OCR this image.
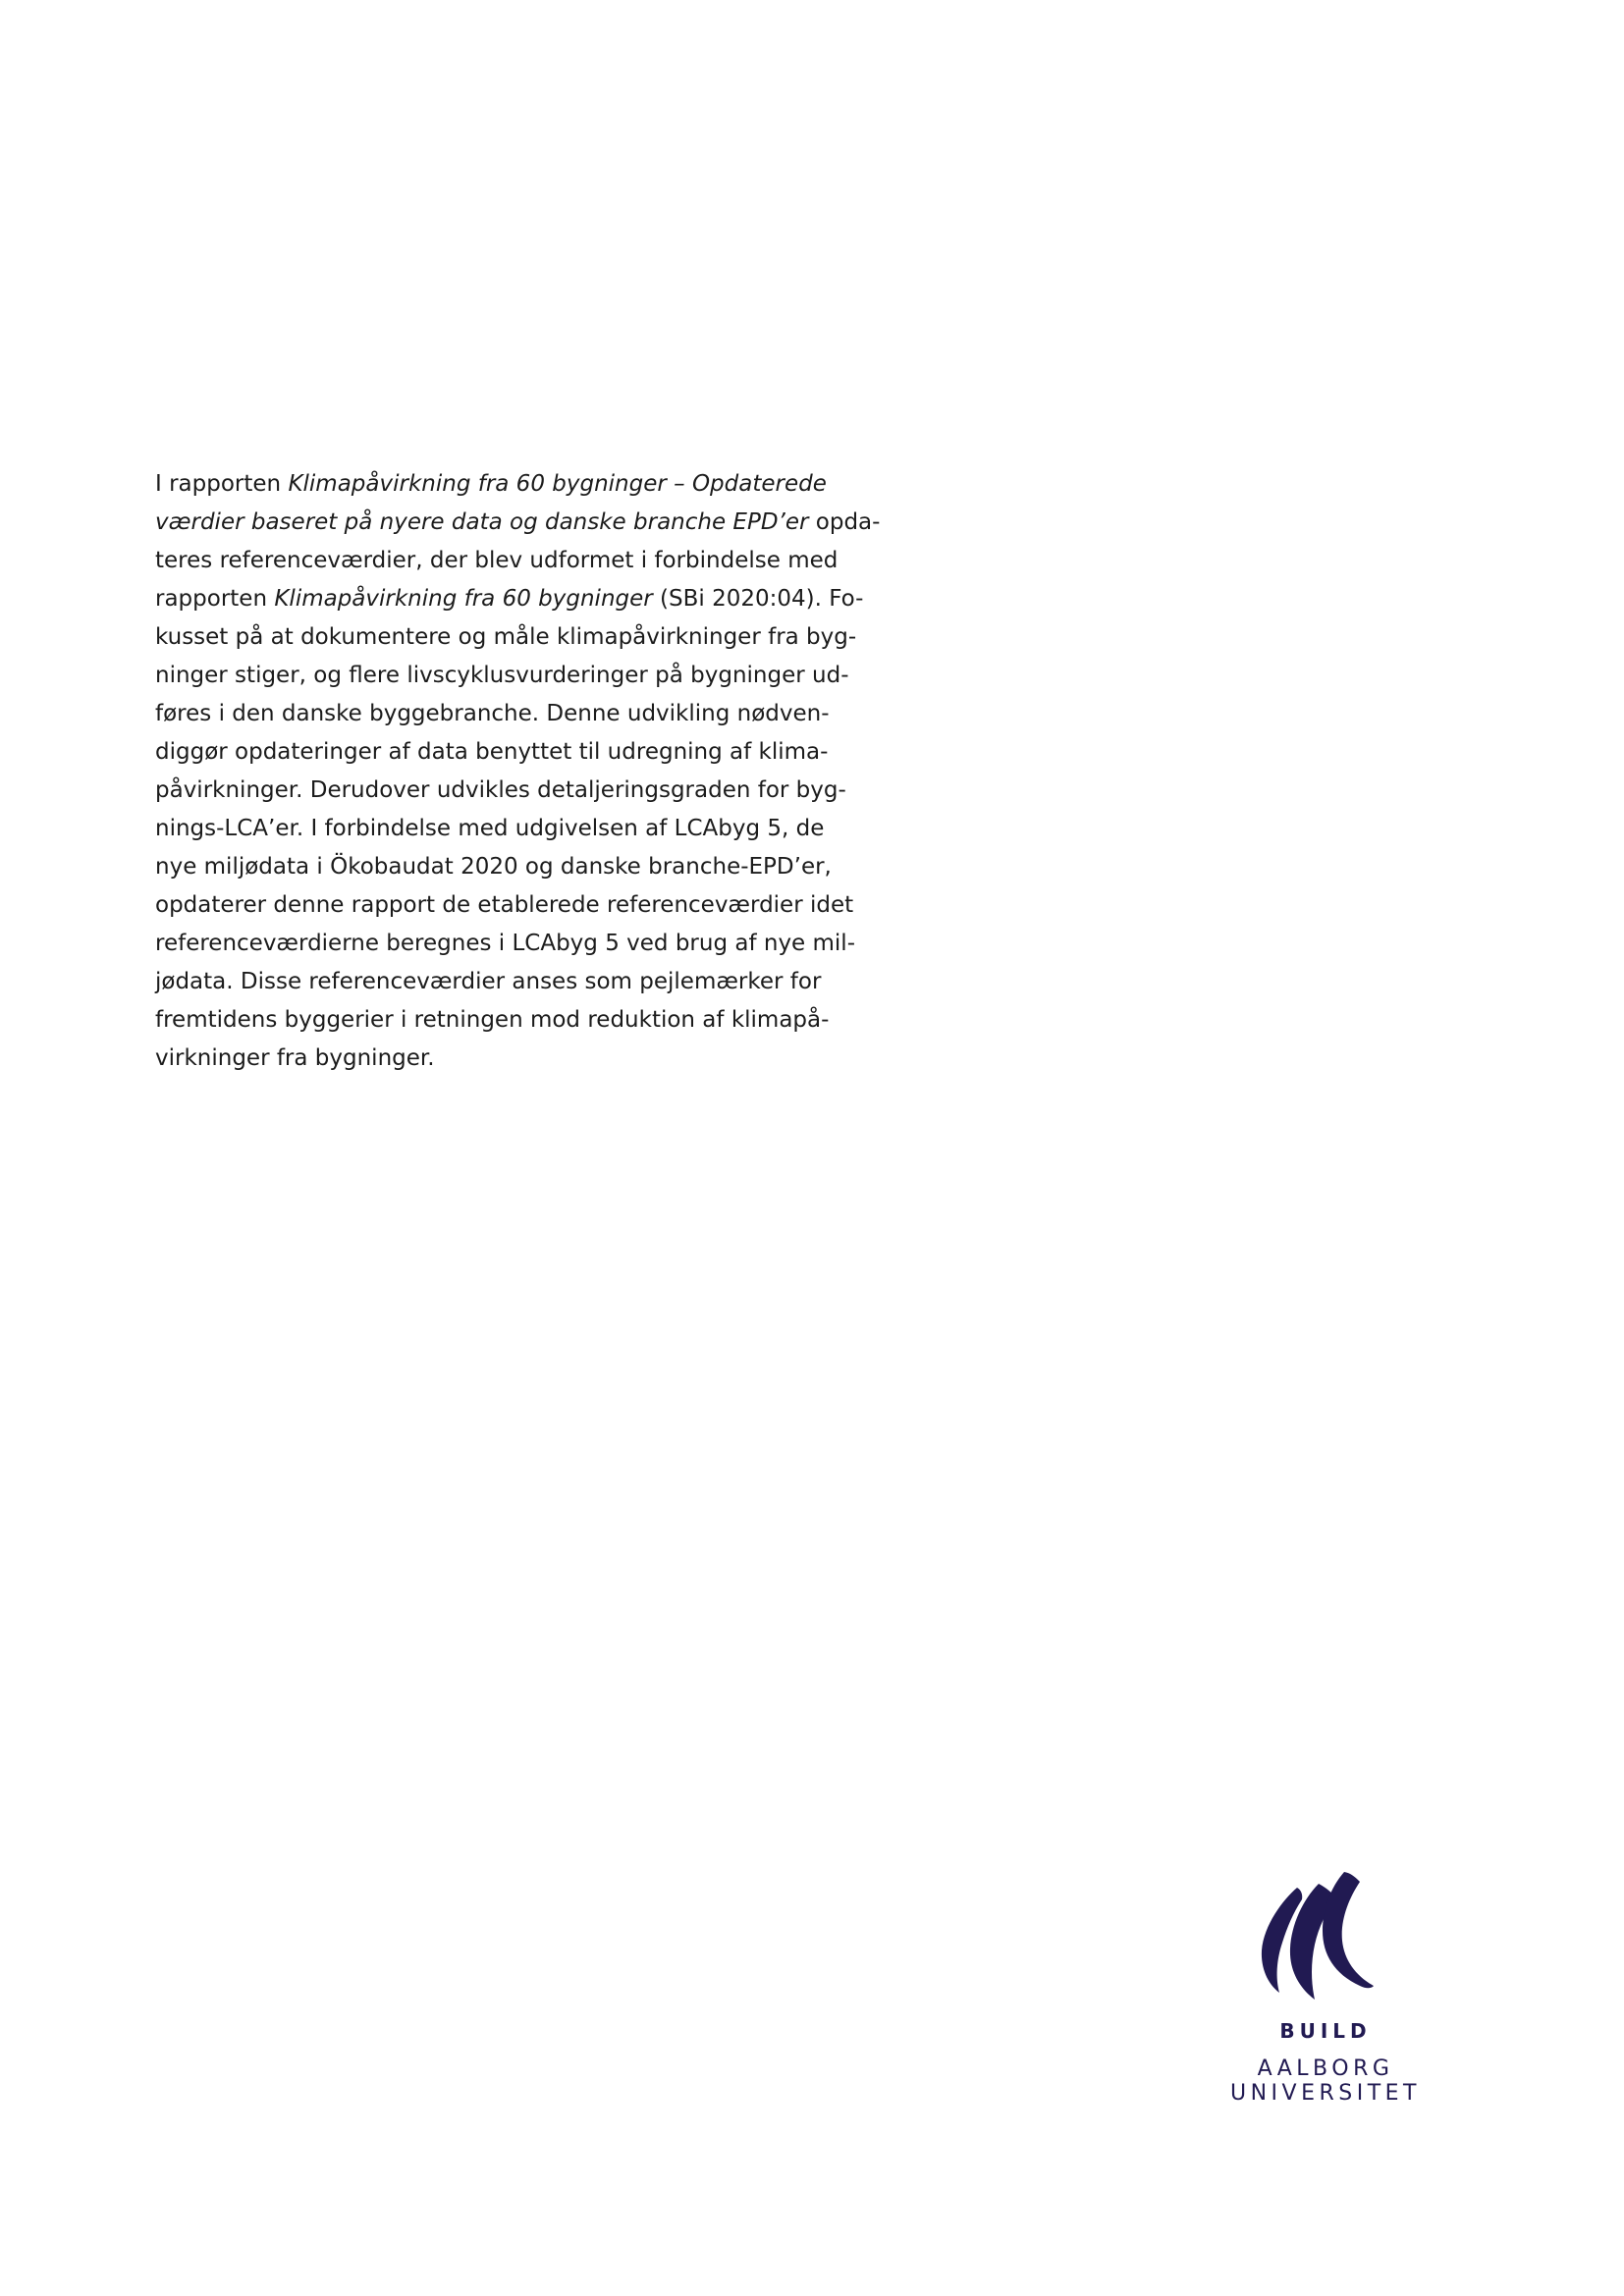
I rapporten Klimapåvirkning fra 60 bygninger – Opdaterede
værdier baseret på nyere data og danske branche EPD’er opda-
teres referenceværdier, der blev udformet i forbindelse med
rapporten Klimapåvirkning fra 60 bygninger (SBi 2020:04). Fo-
kusset på at dokumentere og måle klimapåvirkninger fra byg-
ninger stiger, og flere livscyklusvurderinger på bygninger ud-
føres i den danske byggebranche. Denne udvikling nødven-
diggør opdateringer af data benyttet til udregning af klima-
påvirkninger. Derudover udvikles detaljeringsgraden for byg-
nings-LCA’er. I forbindelse med udgivelsen af LCAbyg 5, de
nye miljødata i Ökobaudat 2020 og danske branche-EPD’er,
opdaterer denne rapport de etablerede referenceværdier idet
referenceværdierne beregnes i LCAbyg 5 ved brug af nye mil-
jødata. Disse referenceværdier anses som pejlemærker for
fremtidens byggerier i retningen mod reduktion af klimapå-
virkninger fra bygninger.
BUILD
AALBORG UNIVERSITET
